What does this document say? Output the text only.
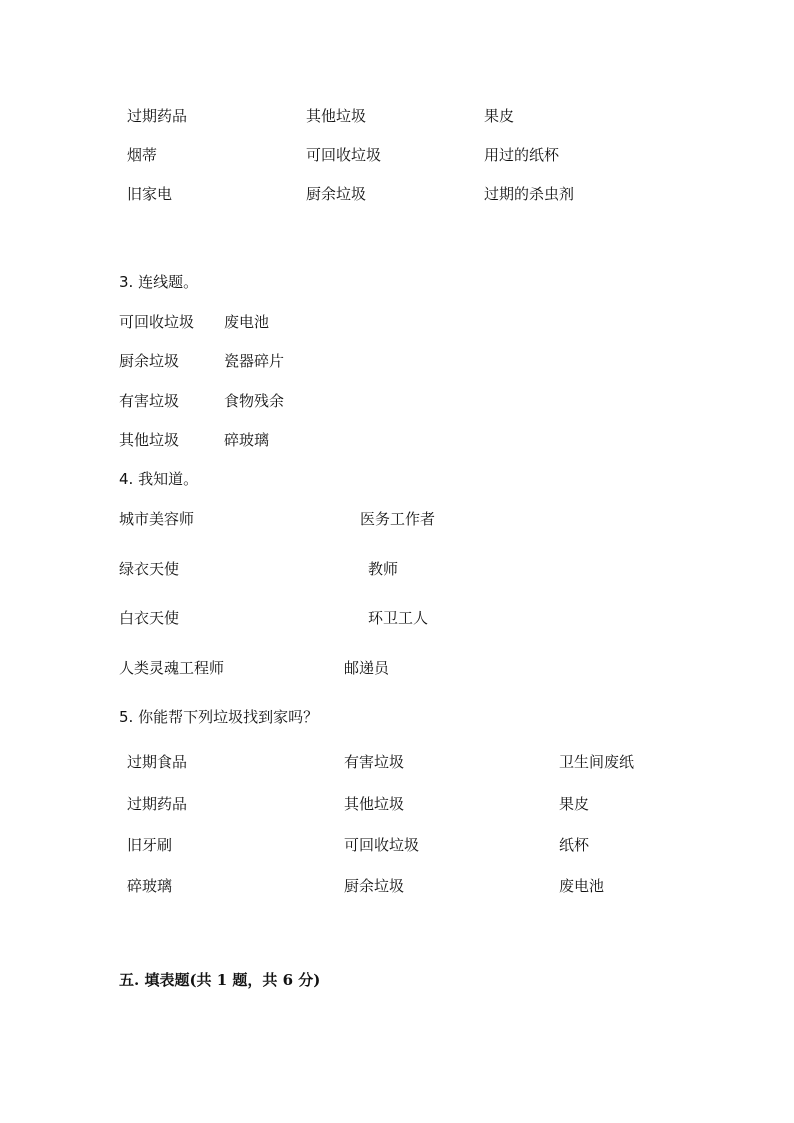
过期药品	其他垃圾	果皮
烟蒂	可回收垃圾	用过的纸杯
旧家电	厨余垃圾	过期的杀虫剂
3. 连线题。
可回收垃圾 废电池
厨余垃圾	瓷器碎片
有害垃圾	食物残余
其他垃圾	碎玻璃
4. 我知道。
城市美容师	医务工作者
绿衣天使	教师
白衣天使	环卫工人
人类灵魂工程师	邮递员
5. 你能帮下列垃圾找到家吗？
过期食品	有害垃圾	卫生间废纸
过期药品	其他垃圾	果皮
旧牙刷	可回收垃圾	纸杯
碎玻璃	厨余垃圾	废电池
五. 填表题(共 1 题，共 6 分)
